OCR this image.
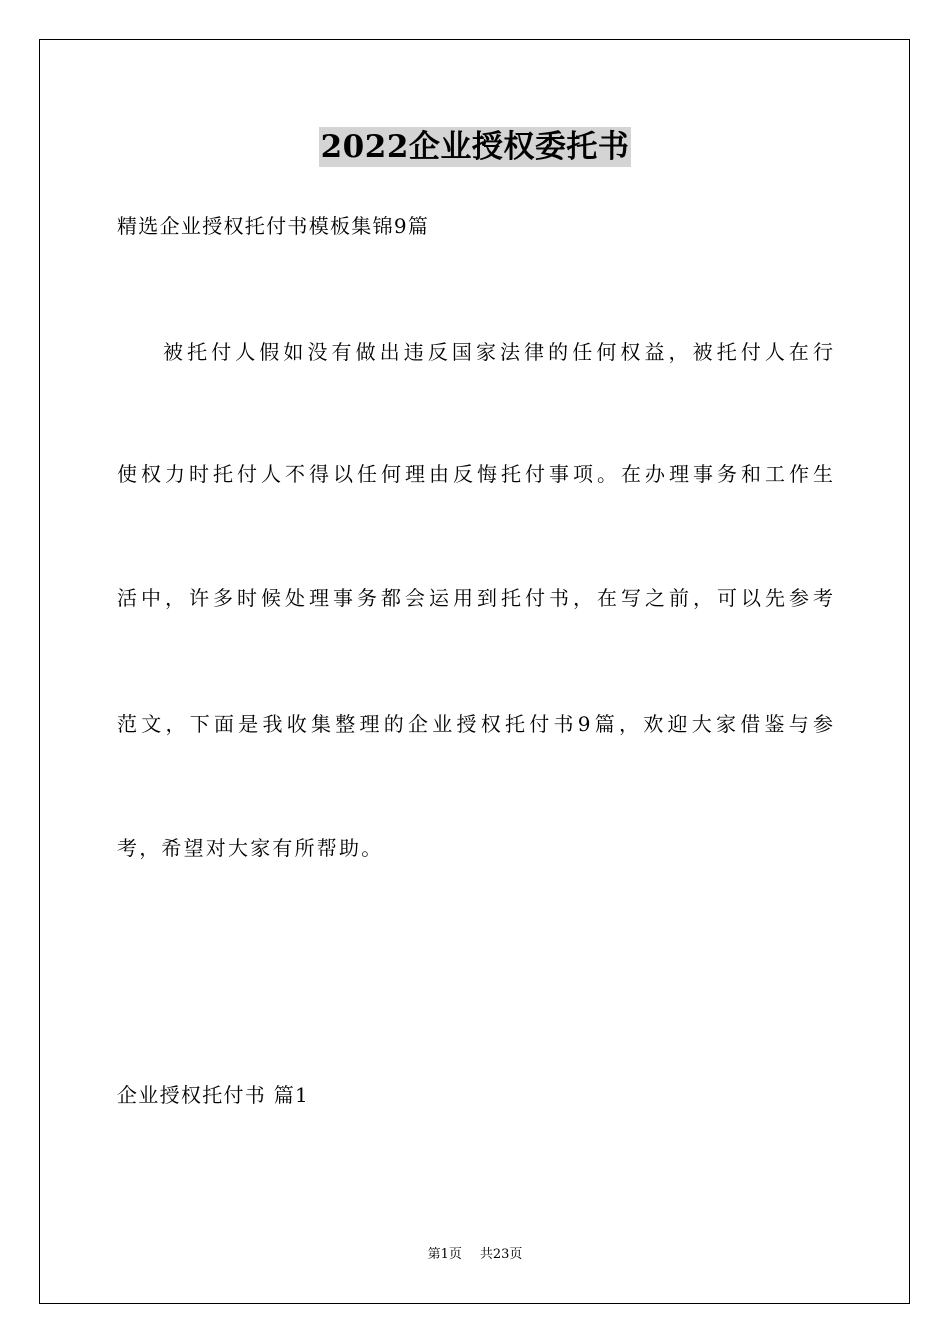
2022企业授权委托书
精选企业授权托付书模板集锦9篇
被托付人假如没有做出违反国家法律的任何权益，被托付人在行
使权力时托付人不得以任何理由反悔托付事项。在办理事务和工作生
活中，许多时候处理事务都会运用到托付书，在写之前，可以先参考
范文，下面是我收集整理的企业授权托付书9篇，欢迎大家借鉴与参
考，希望对大家有所帮助。
企业授权托付书 篇1
第1页 共23页
